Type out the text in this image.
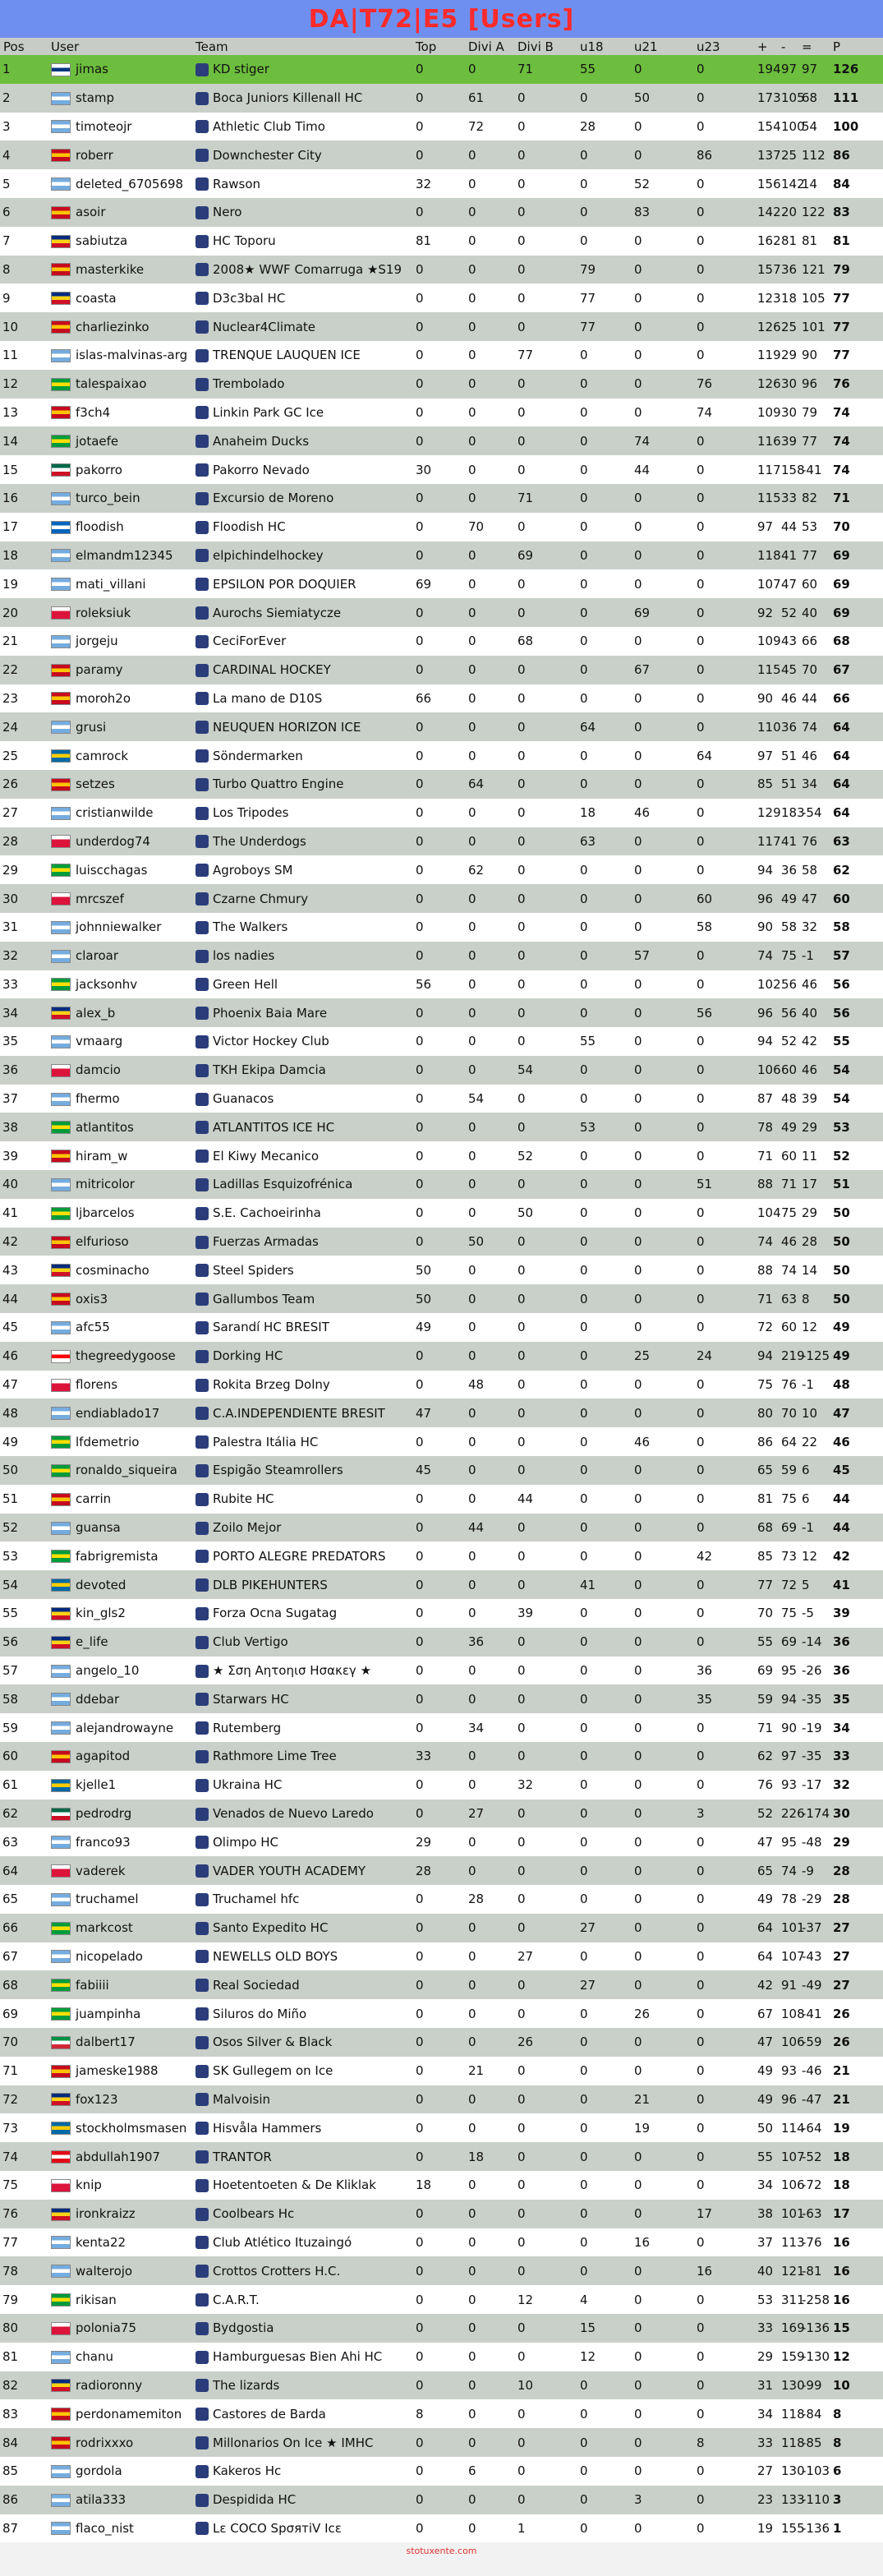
DA|T72|E5 [Users]
Pos	User	Team	Top	Divi A	Divi B	u18	u21	u23	+	-	=	P
1	jimas	KD stiger	0	0	71	55	0	0	194	97	97	126
2	stamp	Boca Juniors Killenall HC	0	61	0	0	50	0	173	105	68	111
3	timoteojr	Athletic Club Timo	0	72	0	28	0	0	154	100	54	100
4	roberr	Downchester City	0	0	0	0	0	86	137	25	112	86
5	deleted_6705698	Rawson	32	0	0	0	52	0	156	142	14	84
6	asoir	Nero	0	0	0	0	83	0	142	20	122	83
7	sabiutza	HC Toporu	81	0	0	0	0	0	162	81	81	81
8	masterkike	2008★ WWF Comarruga ★S19	0	0	0	79	0	0	157	36	121	79
9	coasta	D3c3bal HC	0	0	0	77	0	0	123	18	105	77
10	charliezinko	Nuclear4Climate	0	0	0	77	0	0	126	25	101	77
11	islas-malvinas-arg	TRENQUE LAUQUEN ICE	0	0	77	0	0	0	119	29	90	77
12	talespaixao	Trembolado	0	0	0	0	0	76	126	30	96	76
13	f3ch4	Linkin Park GC Ice	0	0	0	0	0	74	109	30	79	74
14	jotaefe	Anaheim Ducks	0	0	0	0	74	0	116	39	77	74
15	pakorro	Pakorro Nevado	30	0	0	0	44	0	117	158	-41	74
16	turco_bein	Excursio de Moreno	0	0	71	0	0	0	115	33	82	71
17	floodish	Floodish HC	0	70	0	0	0	0	97	44	53	70
18	elmandm12345	elpichindelhockey	0	0	69	0	0	0	118	41	77	69
19	mati_villani	EPSILON POR DOQUIER	69	0	0	0	0	0	107	47	60	69
20	roleksiuk	Aurochs Siemiatycze	0	0	0	0	69	0	92	52	40	69
21	jorgeju	CeciForEver	0	0	68	0	0	0	109	43	66	68
22	paramy	CARDINAL HOCKEY	0	0	0	0	67	0	115	45	70	67
23	moroh2o	La mano de D10S	66	0	0	0	0	0	90	46	44	66
24	grusi	NEUQUEN HORIZON ICE	0	0	0	64	0	0	110	36	74	64
25	camrock	Söndermarken	0	0	0	0	0	64	97	51	46	64
26	setzes	Turbo Quattro Engine	0	64	0	0	0	0	85	51	34	64
27	cristianwilde	Los Tripodes	0	0	0	18	46	0	129	183	-54	64
28	underdog74	The Underdogs	0	0	0	63	0	0	117	41	76	63
29	luiscchagas	Agroboys SM	0	62	0	0	0	0	94	36	58	62
30	mrcszef	Czarne Chmury	0	0	0	0	0	60	96	49	47	60
31	johnniewalker	The Walkers	0	0	0	0	0	58	90	58	32	58
32	claroar	los nadies	0	0	0	0	57	0	74	75	-1	57
33	jacksonhv	Green Hell	56	0	0	0	0	0	102	56	46	56
34	alex_b	Phoenix Baia Mare	0	0	0	0	0	56	96	56	40	56
35	vmaarg	Victor Hockey Club	0	0	0	55	0	0	94	52	42	55
36	damcio	TKH Ekipa Damcia	0	0	54	0	0	0	106	60	46	54
37	fhermo	Guanacos	0	54	0	0	0	0	87	48	39	54
38	atlantitos	ATLANTITOS ICE HC	0	0	0	53	0	0	78	49	29	53
39	hiram_w	El Kiwy Mecanico	0	0	52	0	0	0	71	60	11	52
40	mitricolor	Ladillas Esquizofrénica	0	0	0	0	0	51	88	71	17	51
41	ljbarcelos	S.E. Cachoeirinha	0	0	50	0	0	0	104	75	29	50
42	elfurioso	Fuerzas Armadas	0	50	0	0	0	0	74	46	28	50
43	cosminacho	Steel Spiders	50	0	0	0	0	0	88	74	14	50
44	oxis3	Gallumbos Team	50	0	0	0	0	0	71	63	8	50
45	afc55	Sarandí HC BRESIT	49	0	0	0	0	0	72	60	12	49
46	thegreedygoose	Dorking HC	0	0	0	0	25	24	94	219	-125	49
47	florens	Rokita Brzeg Dolny	0	48	0	0	0	0	75	76	-1	48
48	endiablado17	C.A.INDEPENDIENTE BRESIT	47	0	0	0	0	0	80	70	10	47
49	lfdemetrio	Palestra Itália HC	0	0	0	0	46	0	86	64	22	46
50	ronaldo_siqueira	Espigão Steamrollers	45	0	0	0	0	0	65	59	6	45
51	carrin	Rubite HC	0	0	44	0	0	0	81	75	6	44
52	guansa	Zoilo Mejor	0	44	0	0	0	0	68	69	-1	44
53	fabrigremista	PORTO ALEGRE PREDATORS	0	0	0	0	0	42	85	73	12	42
54	devoted	DLB PIKEHUNTERS	0	0	0	41	0	0	77	72	5	41
55	kin_gls2	Forza Ocna Sugatag	0	0	39	0	0	0	70	75	-5	39
56	e_life	Club Vertigo	0	36	0	0	0	0	55	69	-14	36
57	angelo_10	★ Σση Αητοηισ Ησακεγ ★	0	0	0	0	0	36	69	95	-26	36
58	ddebar	Starwars HC	0	0	0	0	0	35	59	94	-35	35
59	alejandrowayne	Rutemberg	0	34	0	0	0	0	71	90	-19	34
60	agapitod	Rathmore Lime Tree	33	0	0	0	0	0	62	97	-35	33
61	kjelle1	Ukraina HC	0	0	32	0	0	0	76	93	-17	32
62	pedrodrg	Venados de Nuevo Laredo	0	27	0	0	0	3	52	226	-174	30
63	franco93	Olimpo HC	29	0	0	0	0	0	47	95	-48	29
64	vaderek	VADER YOUTH ACADEMY	28	0	0	0	0	0	65	74	-9	28
65	truchamel	Truchamel hfc	0	28	0	0	0	0	49	78	-29	28
66	markcost	Santo Expedito HC	0	0	0	27	0	0	64	101	-37	27
67	nicopelado	NEWELLS OLD BOYS	0	0	27	0	0	0	64	107	-43	27
68	fabiiii	Real Sociedad	0	0	0	27	0	0	42	91	-49	27
69	juampinha	Siluros do Miño	0	0	0	0	26	0	67	108	-41	26
70	dalbert17	Osos Silver & Black	0	0	26	0	0	0	47	106	-59	26
71	jameske1988	SK Gullegem on Ice	0	21	0	0	0	0	49	93	-46	21
72	fox123	Malvoisin	0	0	0	0	21	0	49	96	-47	21
73	stockholmsmasen	Hisvåla Hammers	0	0	0	0	19	0	50	114	-64	19
74	abdullah1907	TRANTOR	0	18	0	0	0	0	55	107	-52	18
75	knip	Hoetentoeten & De Kliklak	18	0	0	0	0	0	34	106	-72	18
76	ironkraizz	Coolbears Hc	0	0	0	0	0	17	38	101	-63	17
77	kenta22	Club Atlético Ituzaingó	0	0	0	0	16	0	37	113	-76	16
78	walterojo	Crottos Crotters H.C.	0	0	0	0	0	16	40	121	-81	16
79	rikisan	C.A.R.T.	0	0	12	4	0	0	53	311	-258	16
80	polonia75	Bydgostia	0	0	0	15	0	0	33	169	-136	15
81	chanu	Hamburguesas Bien Ahi HC	0	0	0	12	0	0	29	159	-130	12
82	radioronny	The lizards	0	0	10	0	0	0	31	130	-99	10
83	perdonamemiton	Castores de Barda	8	0	0	0	0	0	34	118	-84	8
84	rodrixxxo	Millonarios On Ice ★ IMHC	0	0	0	0	0	8	33	118	-85	8
85	gordola	Kakeros Hc	0	6	0	0	0	0	27	130	-103	6
86	atila333	Despidida HC	0	0	0	0	3	0	23	133	-110	3
87	flaco_nist	Lε COCO SpσятiV Icε	0	0	1	0	0	0	19	155	-136	1
stotuxente.com
